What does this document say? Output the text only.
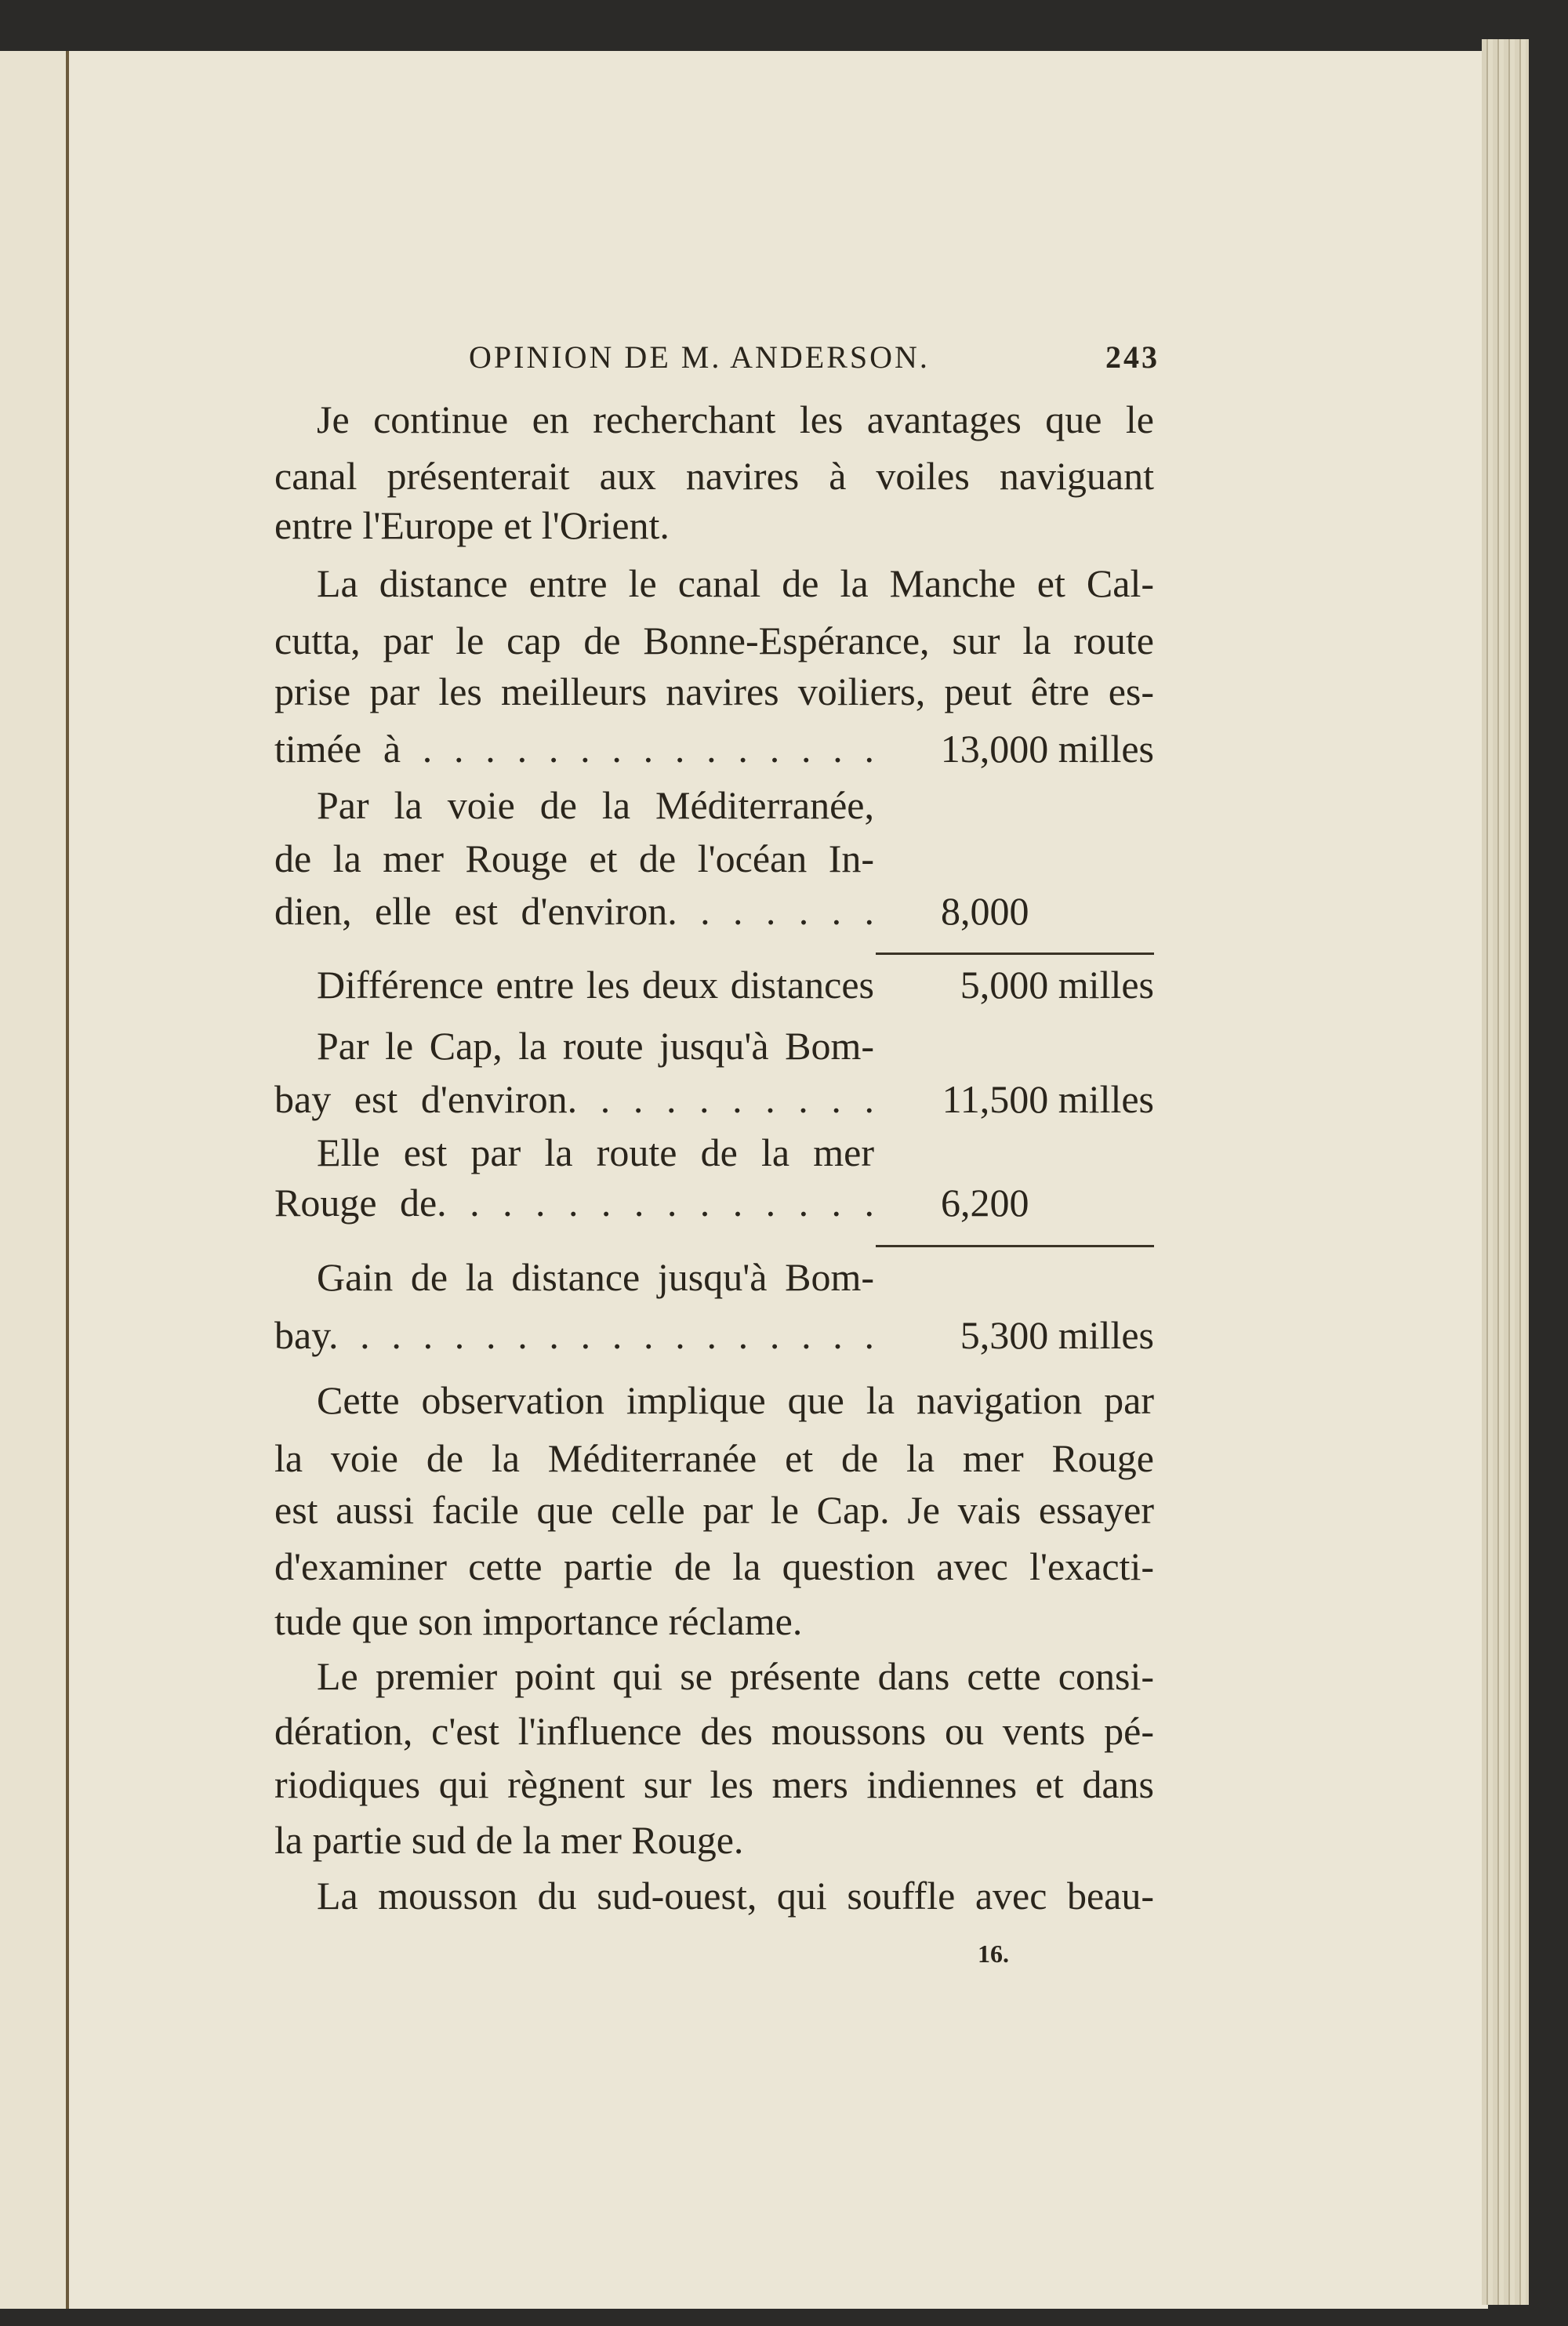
OPINION DE M. ANDERSON.	243
Je continue en recherchant les avantages que le
canal présenterait aux navires à voiles naviguant
entre l'Europe et l'Orient.
La distance entre le canal de la Manche et Cal-
cutta, par le cap de Bonne-Espérance, sur la route
prise par les meilleurs navires voiliers, peut être es-
timée à . . . . . . . . . . . . . . .	13,000 milles
Par la voie de la Méditerranée,
de la mer Rouge et de l'océan In-
dien, elle est d'environ. . . . . . . 8,000
Différence entre les deux distances	5,000 milles
Par le Cap, la route jusqu'à Bom-
bay est d'environ. . . . . . . . . .	11,500 milles
Elle est par la route de la mer
Rouge de. . . . . . . . . . . . . . 6,200
Gain de la distance jusqu'à Bom-
bay. . . . . . . . . . . . . . . . . .	5,300 milles
Cette observation implique que la navigation par
la voie de la Méditerranée et de la mer Rouge
est aussi facile que celle par le Cap. Je vais essayer
d'examiner cette partie de la question avec l'exacti-
tude que son importance réclame.
Le premier point qui se présente dans cette consi-
dération, c'est l'influence des moussons ou vents pé-
riodiques qui règnent sur les mers indiennes et dans
la partie sud de la mer Rouge.
La mousson du sud-ouest, qui souffle avec beau-
16.
